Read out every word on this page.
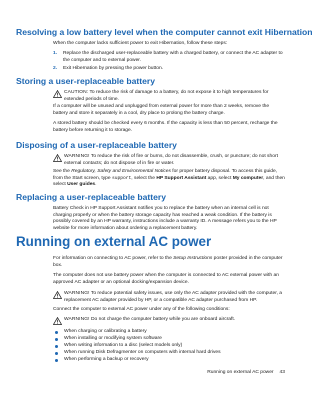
Resolving a low battery level when the computer cannot exit Hibernation

When the computer lacks sufficient power to exit Hibernation, follow these steps:

1. Replace the discharged user-replaceable battery with a charged battery, or connect the AC adapter to the computer and to external power.
2. Exit Hibernation by pressing the power button.
Storing a user-replaceable battery
CAUTION: To reduce the risk of damage to a battery, do not expose it to high temperatures for extended periods of time.

If a computer will be unused and unplugged from external power for more than 2 weeks, remove the battery and store it separately in a cool, dry place to prolong the battery charge.

A stored battery should be checked every 6 months. If the capacity is less than 50 percent, recharge the battery before returning it to storage.

Disposing of a user-replaceable battery
WARNING! To reduce the risk of fire or burns, do not disassemble, crush, or puncture; do not short external contacts; do not dispose of in fire or water.

See the Regulatory, Safety and Environmental Notices for proper battery disposal. To access this guide, from the Start screen, type support, select the HP Support Assistant app, select My computer, and then select User guides.

Replacing a user-replaceable battery

Battery Check in HP Support Assistant notifies you to replace the battery when an internal cell is not charging properly or when the battery storage capacity has reached a weak condition. If the battery is possibly covered by an HP warranty, instructions include a warranty ID. A message refers you to the HP website for more information about ordering a replacement battery.

Running on external AC power

For information on connecting to AC power, refer to the Setup Instructions poster provided in the computer box.

The computer does not use battery power when the computer is connected to AC external power with an approved AC adapter or an optional docking/expansion device.

WARNING! To reduce potential safety issues, use only the AC adapter provided with the computer, a replacement AC adapter provided by HP, or a compatible AC adapter purchased from HP.

Connect the computer to external AC power under any of the following conditions:

WARNING! Do not charge the computer battery while you are onboard aircraft.
When charging or calibrating a battery
When installing or modifying system software
When writing information to a disc (select models only)
When running Disk Defragmenter on computers with internal hard drives
When performing a backup or recovery
Running on external AC power 43
